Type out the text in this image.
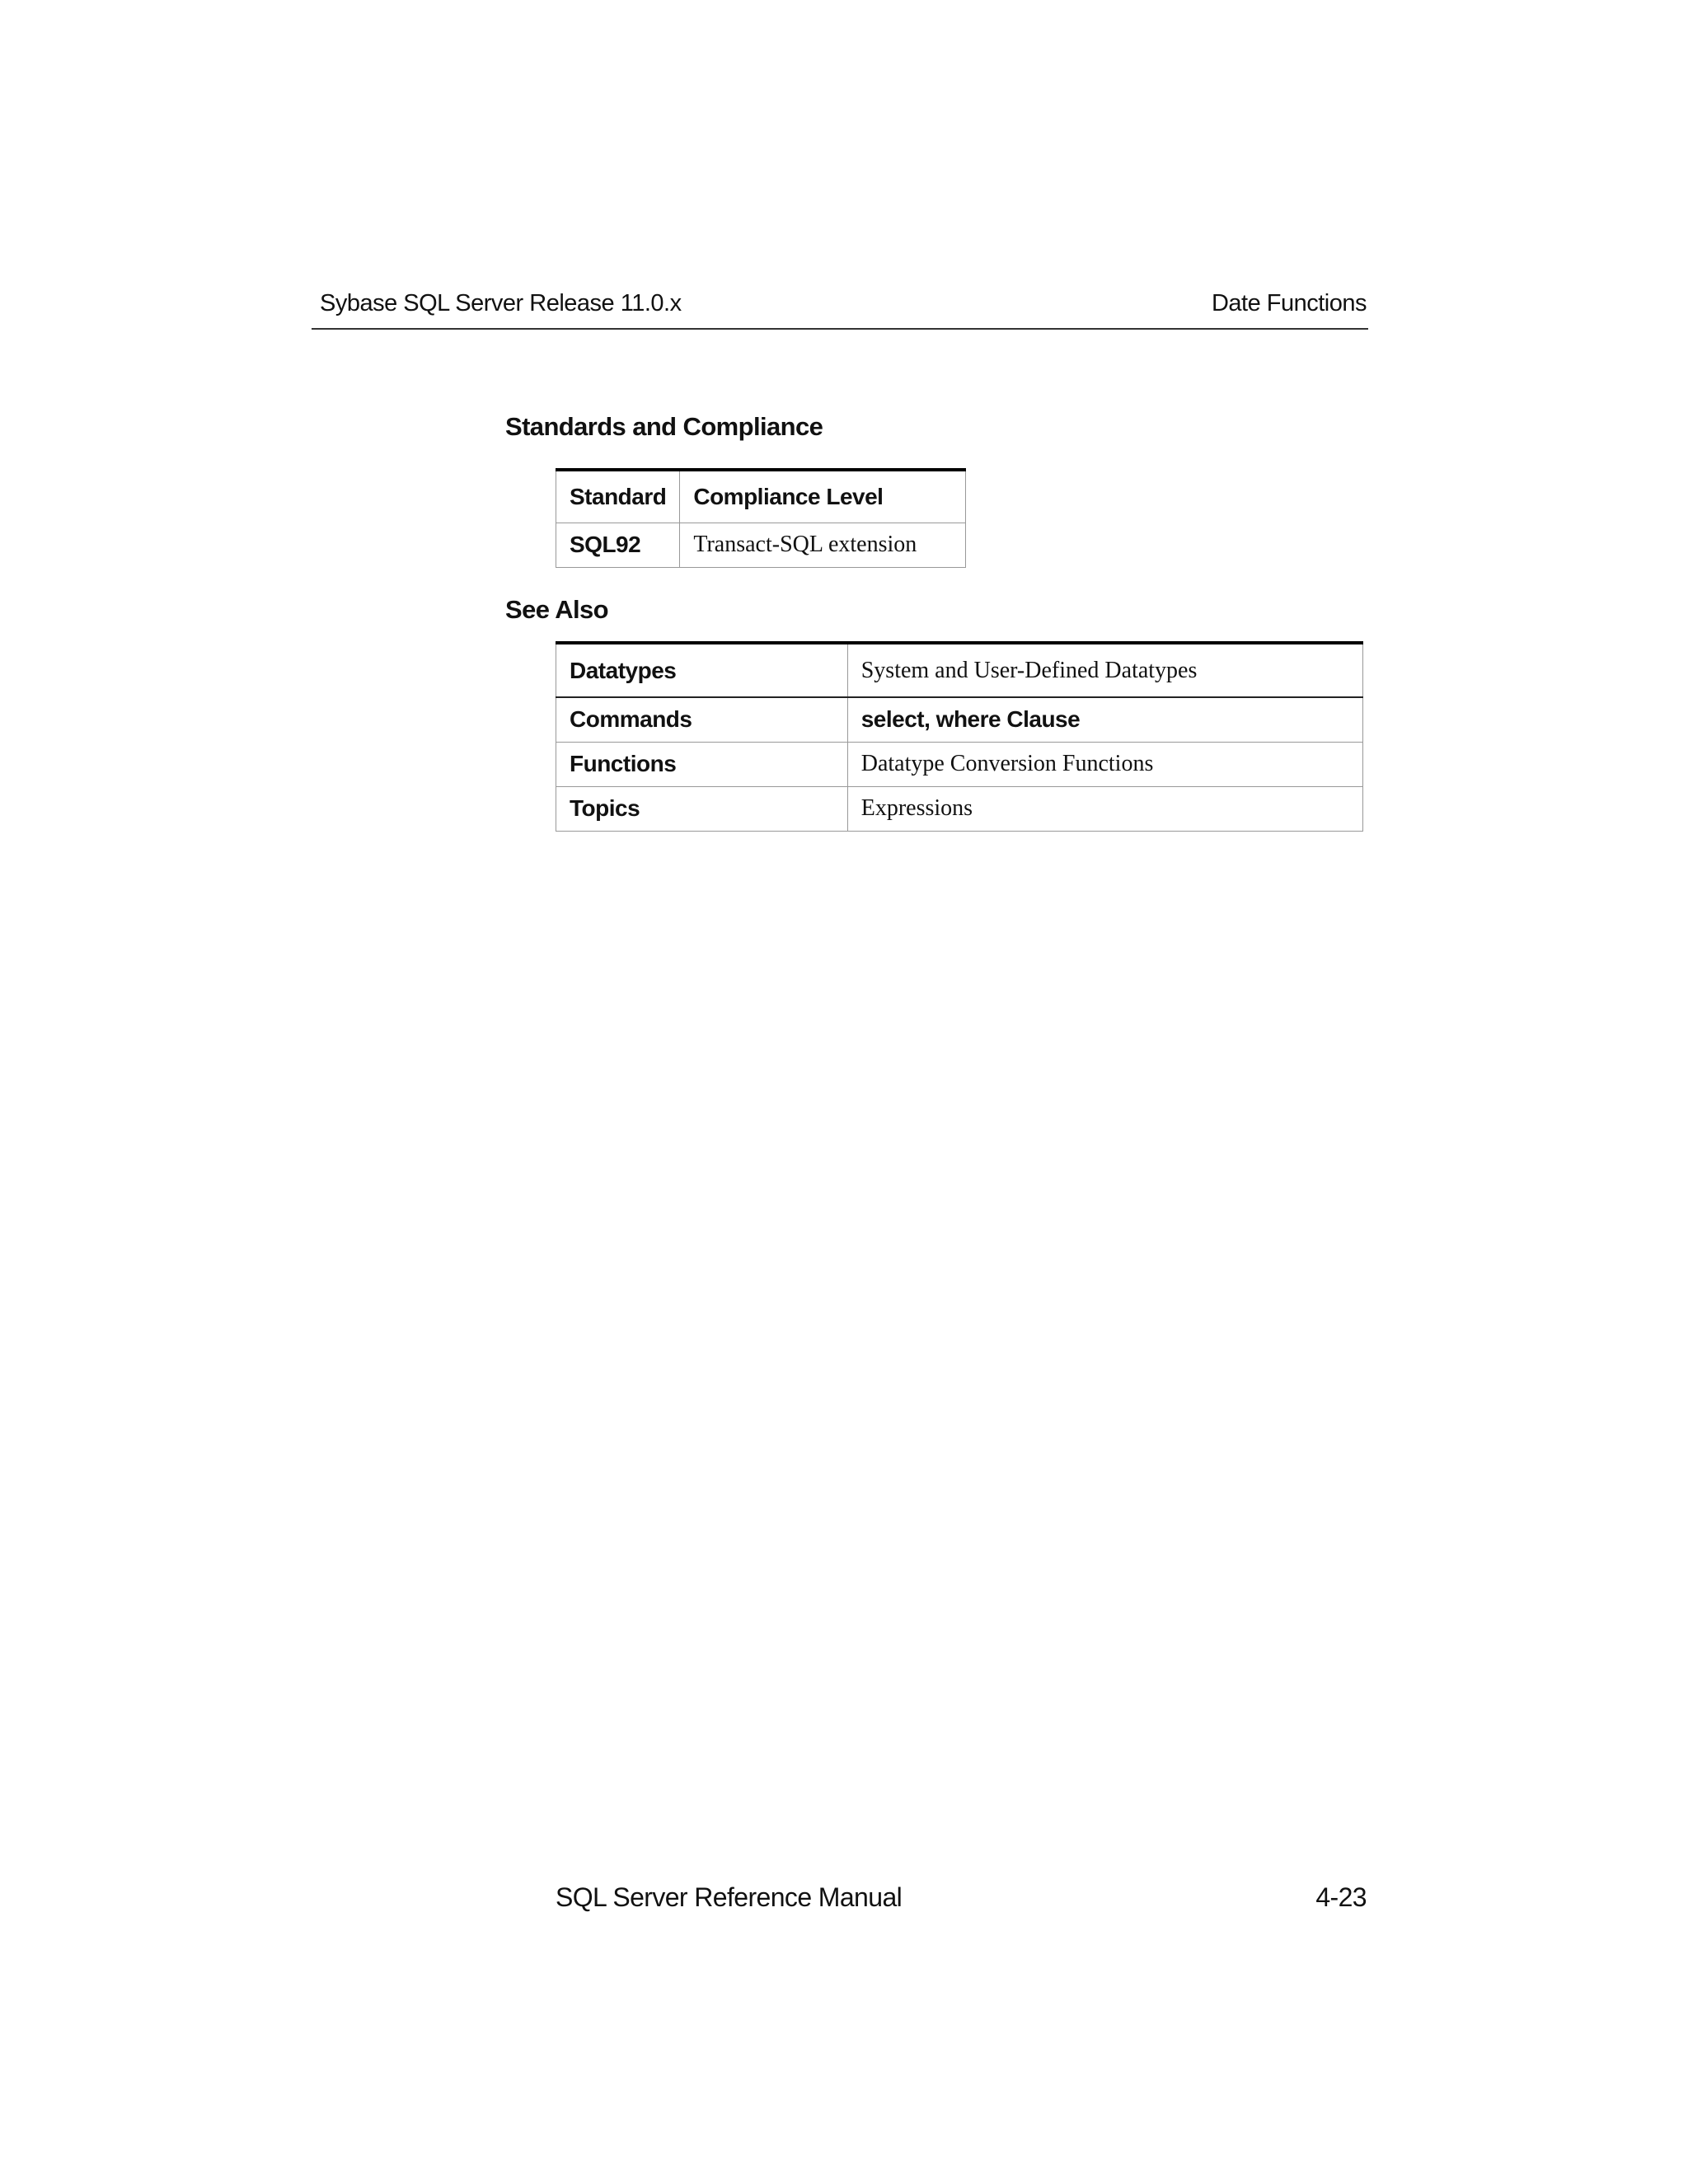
Sybase SQL Server Release 11.0.x	Date Functions
Standards and Compliance
Standard	Compliance Level
SQL92	Transact-SQL extension
See Also
Datatypes	System and User-Defined Datatypes
Commands	select, where Clause
Functions	Datatype Conversion Functions
Topics	Expressions
SQL Server Reference Manual	4-23
